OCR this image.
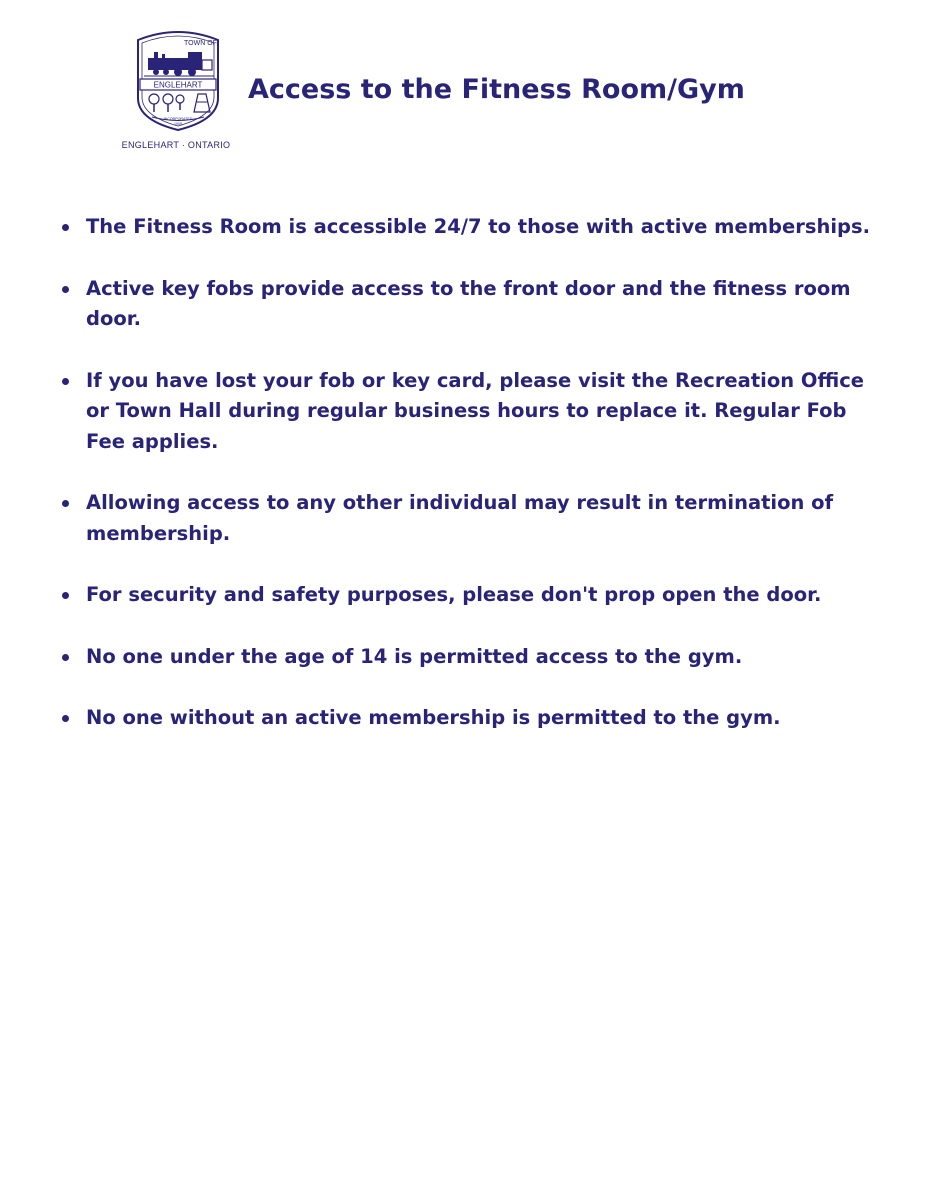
TOWN OF
ENGLEHART
INCORPORATED
1908
ENGLEHART · ONTARIO
Access to the Fitness Room/Gym
The Fitness Room is accessible 24/7 to those with active memberships.
Active key fobs provide access to the front door and the fitness room door.
If you have lost your fob or key card, please visit the Recreation Office or Town Hall during regular business hours to replace it. Regular Fob Fee applies.
Allowing access to any other individual may result in termination of membership.
For security and safety purposes, please don't prop open the door.
No one under the age of 14 is permitted access to the gym.
No one without an active membership is permitted to the gym.
